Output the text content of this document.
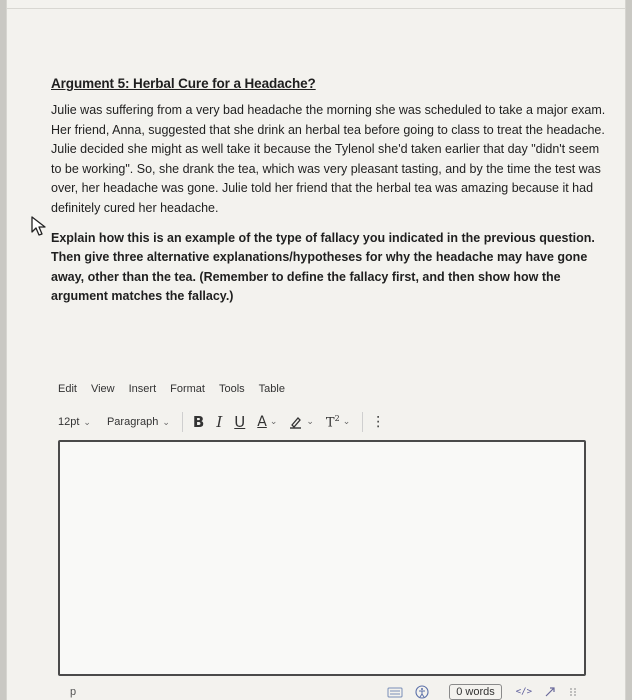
Argument 5: Herbal Cure for a Headache?
Julie was suffering from a very bad headache the morning she was scheduled to take a major exam. Her friend, Anna, suggested that she drink an herbal tea before going to class to treat the headache. Julie decided she might as well take it because the Tylenol she'd taken earlier that day "didn't seem to be working". So, she drank the tea, which was very pleasant tasting, and by the time the test was over, her headache was gone. Julie told her friend that the herbal tea was amazing because it had definitely cured her headache.
Explain how this is an example of the type of fallacy you indicated in the previous question. Then give three alternative explanations/hypotheses for why the headache may have gone away, other than the tea. (Remember to define the fallacy first, and then show how the argument matches the fallacy.)
Edit View Insert Format Tools Table
12pt ⌄ Paragraph ⌄ B I U A ⌄	⌄ $T^2$ ⌄ ⋮
p	0 words	</>
